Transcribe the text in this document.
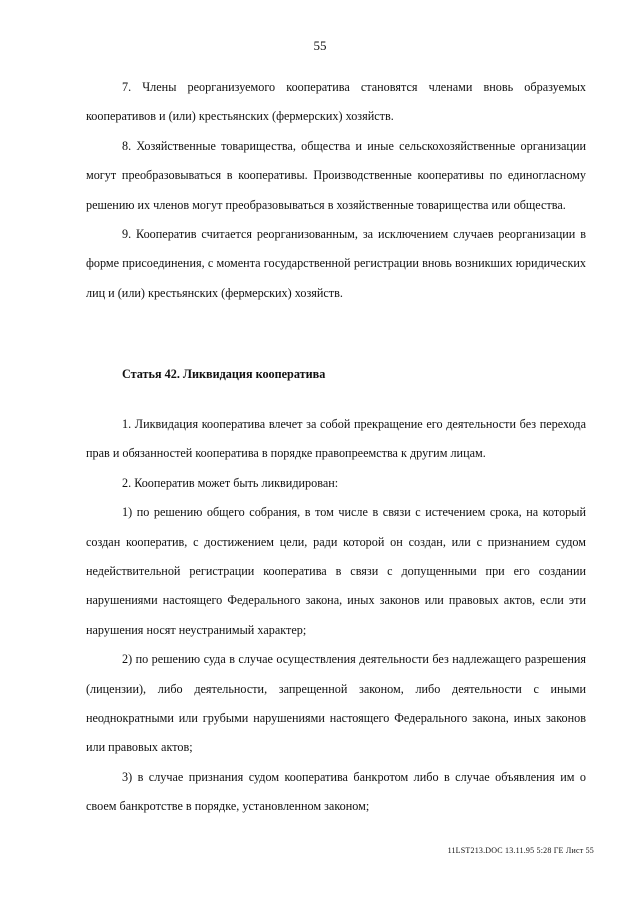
55

7. Члены реорганизуемого кооператива становятся членами вновь образуемых кооперативов и (или) крестьянских (фермерских) хозяйств.

8. Хозяйственные товарищества, общества и иные сельскохозяйственные организации могут преобразовываться в кооперативы. Производственные кооперативы по единогласному решению их членов могут преобразовываться в хозяйственные товарищества или общества.

9. Кооператив считается реорганизованным, за исключением случаев реорганизации в форме присоединения, с момента государственной регистрации вновь возникших юридических лиц и (или) крестьянских (фермерских) хозяйств.

Статья 42. Ликвидация кооператива

1. Ликвидация кооператива влечет за собой прекращение его деятельности без перехода прав и обязанностей кооператива в порядке правопреемства к другим лицам.

2. Кооператив может быть ликвидирован:

1) по решению общего собрания, в том числе в связи с истечением срока, на который создан кооператив, с достижением цели, ради которой он создан, или с признанием судом недействительной регистрации кооператива в связи с допущенными при его создании нарушениями настоящего Федерального закона, иных законов или правовых актов, если эти нарушения носят неустранимый характер;

2) по решению суда в случае осуществления деятельности без надлежащего разрешения (лицензии), либо деятельности, запрещенной законом, либо деятельности с иными неоднократными или грубыми нарушениями настоящего Федерального закона, иных законов или правовых актов;

3) в случае признания судом кооператива банкротом либо в случае объявления им о своем банкротстве в порядке, установленном законом;

11LST213.DOC 13.11.95 5:28 ГЕ Лист 55
